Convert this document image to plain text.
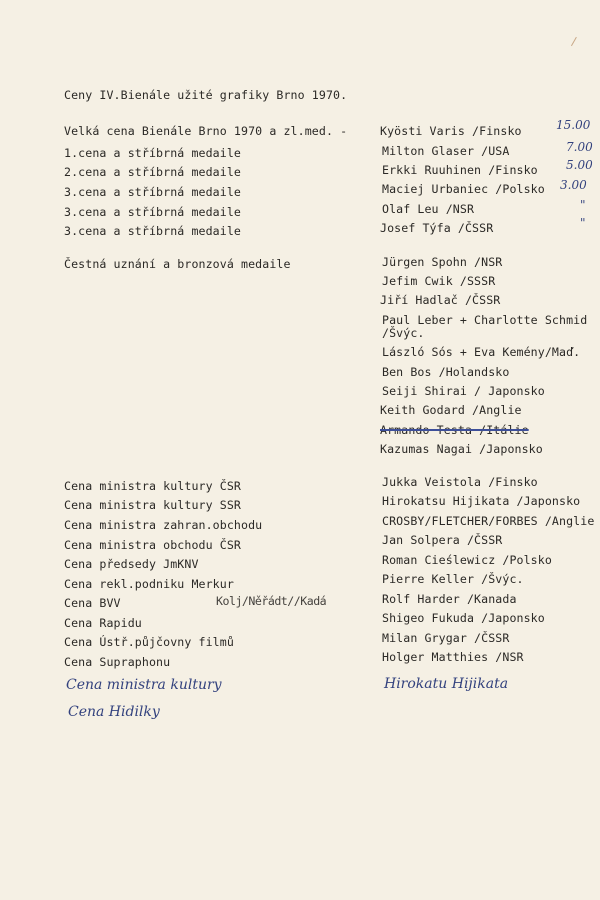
Ceny IV.Bienále užité grafiky Brno 1970.
Velká cena Bienále Brno 1970 a zl.med. -	Kyösti Varis /Finsko	15.00
1.cena a stříbrná medaile	Milton Glaser /USA	7.00
2.cena a stříbrná medaile	Erkki Ruuhinen /Finsko 5.00
3.cena a stříbrná medaile	Maciej Urbaniec /Polsko 3.00
3.cena a stříbrná medaile	Olaf Leu /NSR	"
3.cena a stříbrná medaile	Josef Týfa /ČSSR	"
Čestná uznání a bronzová medaile	Jürgen Spohn /NSR
Jefim Cwik /SSSR
Jiří Hadlač /ČSSR
Paul Leber + Charlotte Schmid
/Švýc.
László Sós + Eva Kemény/Maď.
Ben Bos /Holandsko
Seiji Shirai / Japonsko
Keith Godard /Anglie
Armando Testa /Itálie
Kazumas Nagai /Japonsko
Cena ministra kultury ČSR	Jukka Veistola /Finsko
Cena ministra kultury SSR	Hirokatsu Hijikata /Japonsko
Cena ministra zahran.obchodu	CROSBY/FLETCHER/FORBES /Anglie
Cena ministra obchodu ČSR	Jan Solpera /ČSSR
Cena předsedy JmKNV	Roman Cieślewicz /Polsko
Cena rekl.podniku Merkur	Pierre Keller /Švýc.
Cena BVV	Kolj/Něřádt//Kadá	Rolf Harder /Kanada
Cena Rapidu	Shigeo Fukuda /Japonsko
Cena Ústř.půjčovny filmů	Milan Grygar /ČSSR
Cena Supraphonu	Holger Matthies /NSR
Cena ministra kultury
Cena Hidilky
Hirokatu Hijikata
